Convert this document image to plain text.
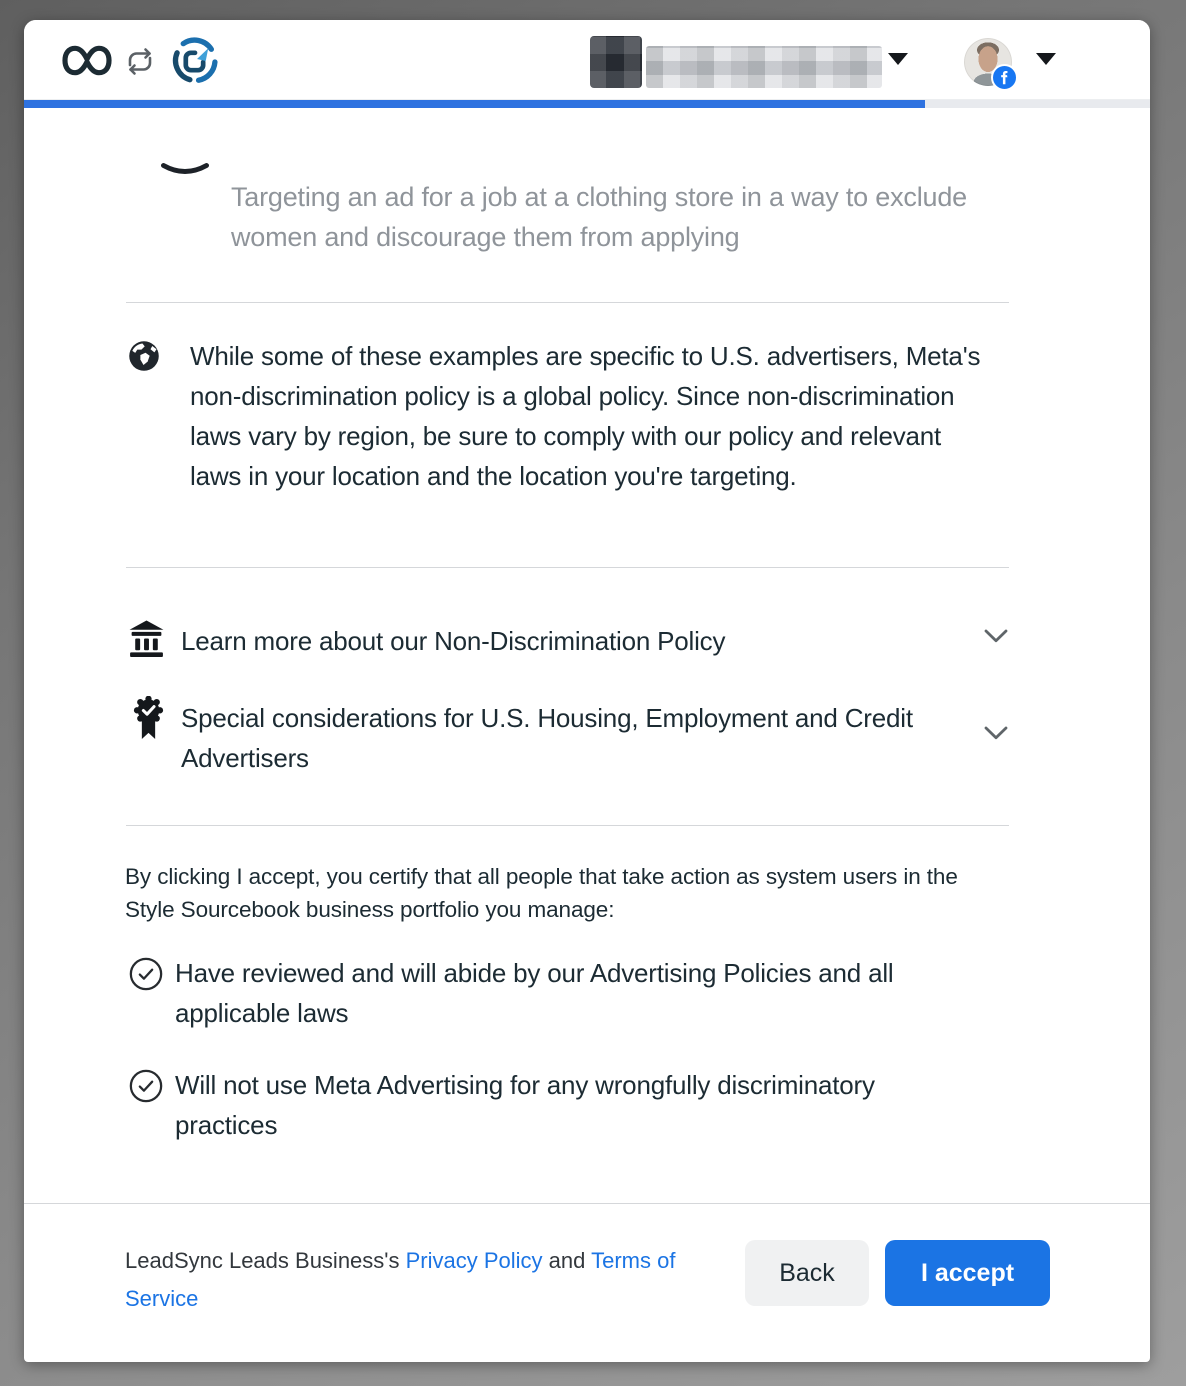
Targeting an ad for a job at a clothing store in a way to exclude women and discourage them from applying
While some of these examples are specific to U.S. advertisers, Meta's non-discrimination policy is a global policy. Since non-discrimination laws vary by region, be sure to comply with our policy and relevant laws in your location and the location you're targeting.
Learn more about our Non-Discrimination Policy
Special considerations for U.S. Housing, Employment and Credit Advertisers
By clicking I accept, you certify that all people that take action as system users in the Style Sourcebook business portfolio you manage:
Have reviewed and will abide by our Advertising Policies and all applicable laws
Will not use Meta Advertising for any wrongfully discriminatory practices
LeadSync Leads Business's Privacy Policy and Terms of Service
Back	I accept
